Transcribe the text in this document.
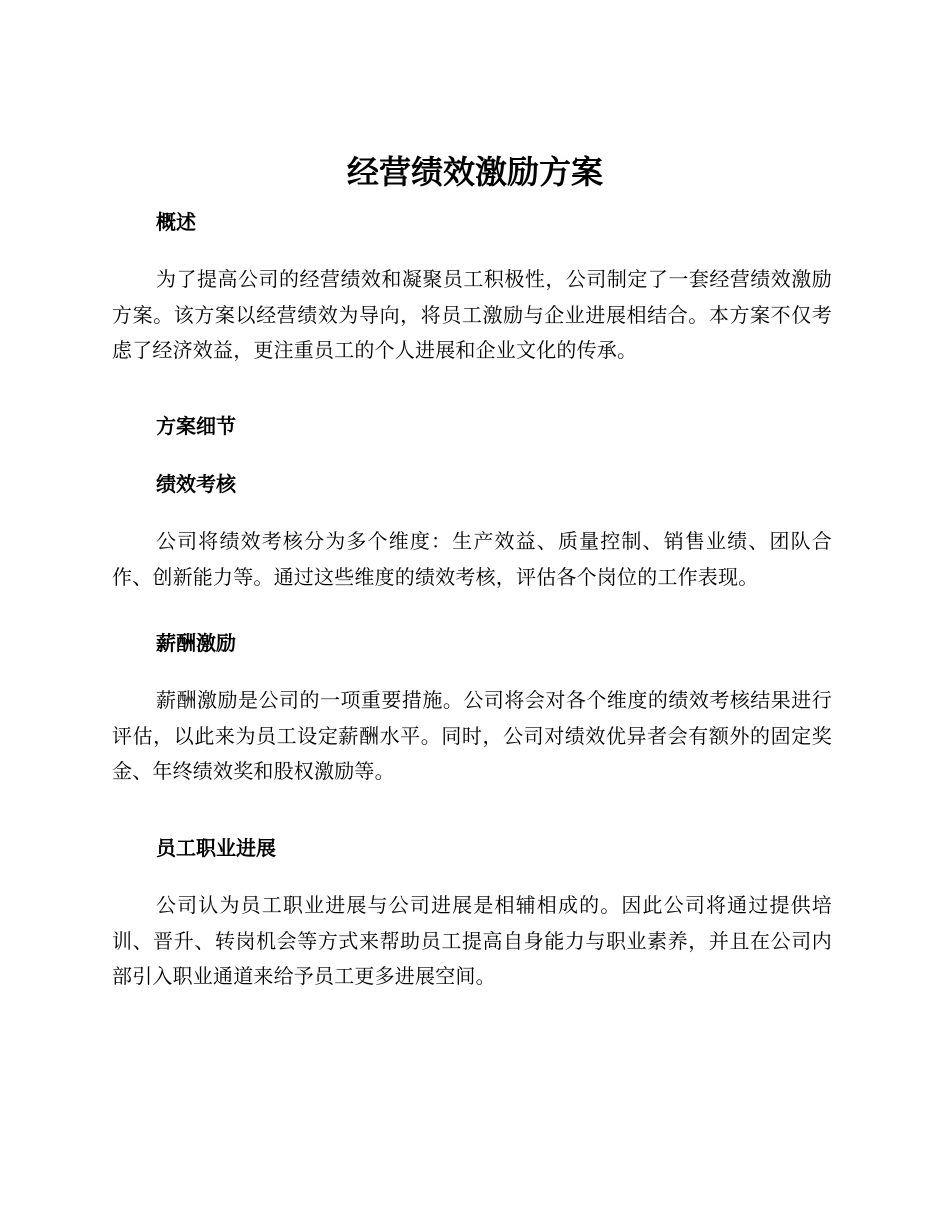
经营绩效激励方案
概述

为了提高公司的经营绩效和凝聚员工积极性，公司制定了一套经营绩效激励方案。该方案以经营绩效为导向，将员工激励与企业进展相结合。本方案不仅考虑了经济效益，更注重员工的个人进展和企业文化的传承。

方案细节
绩效考核

公司将绩效考核分为多个维度：生产效益、质量控制、销售业绩、团队合作、创新能力等。通过这些维度的绩效考核，评估各个岗位的工作表现。

薪酬激励

薪酬激励是公司的一项重要措施。公司将会对各个维度的绩效考核结果进行评估，以此来为员工设定薪酬水平。同时，公司对绩效优异者会有额外的固定奖金、年终绩效奖和股权激励等。

员工职业进展

公司认为员工职业进展与公司进展是相辅相成的。因此公司将通过提供培训、晋升、转岗机会等方式来帮助员工提高自身能力与职业素养，并且在公司内部引入职业通道来给予员工更多进展空间。
